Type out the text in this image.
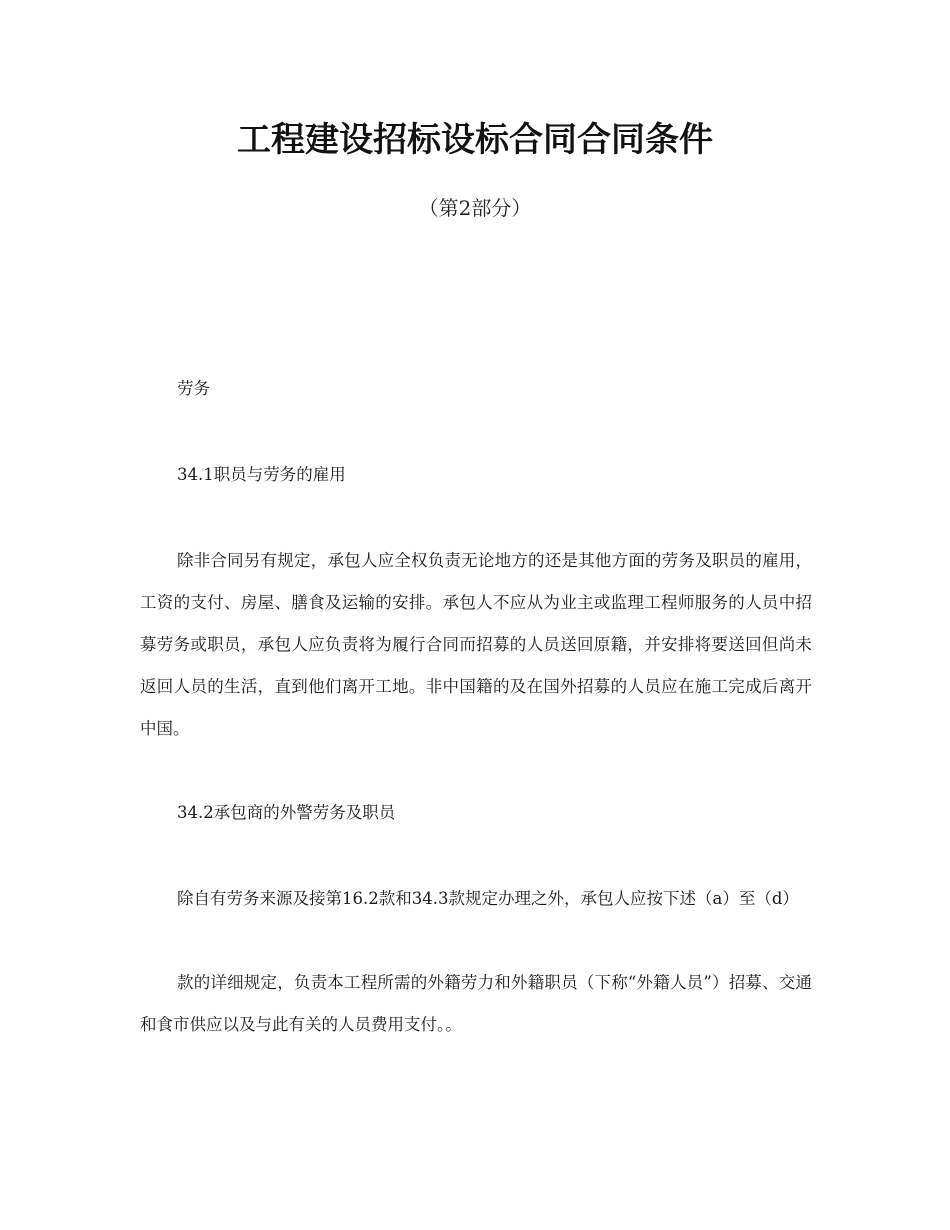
工程建设招标设标合同合同条件
（第2部分）

劳务

34.1职员与劳务的雇用

除非合同另有规定，承包人应全权负责无论地方的还是其他方面的劳务及职员的雇用，工资的支付、房屋、膳食及运输的安排。承包人不应从为业主或监理工程师服务的人员中招募劳务或职员，承包人应负责将为履行合同而招募的人员送回原籍，并安排将要送回但尚未返回人员的生活，直到他们离开工地。非中国籍的及在国外招募的人员应在施工完成后离开中国。

34.2承包商的外警劳务及职员

除自有劳务来源及接第16.2款和34.3款规定办理之外，承包人应按下述（a）至（d）

款的详细规定，负责本工程所需的外籍劳力和外籍职员（下称“外籍人员”）招募、交通和食市供应以及与此有关的人员费用支付。。
